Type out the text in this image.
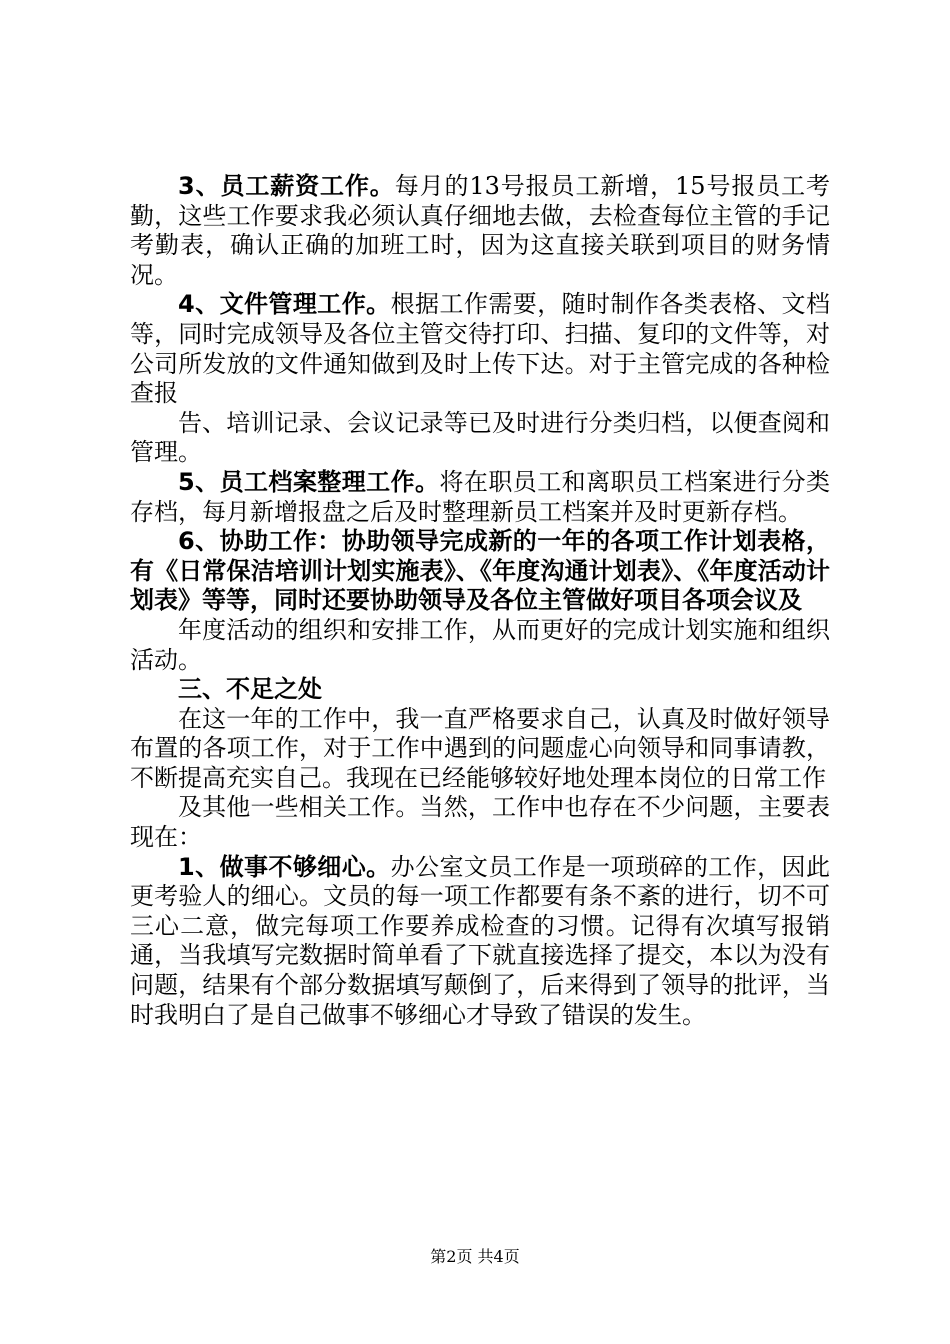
3、员工薪资工作。每月的13号报员工新增，15号报员工考勤，这些工作要求我必须认真仔细地去做，去检查每位主管的手记考勤表，确认正确的加班工时，因为这直接关联到项目的财务情况。

4、文件管理工作。根据工作需要，随时制作各类表格、文档等，同时完成领导及各位主管交待打印、扫描、复印的文件等，对公司所发放的文件通知做到及时上传下达。对于主管完成的各种检查报

告、培训记录、会议记录等已及时进行分类归档，以便查阅和管理。

5、员工档案整理工作。将在职员工和离职员工档案进行分类存档，每月新增报盘之后及时整理新员工档案并及时更新存档。

6、协助工作：协助领导完成新的一年的各项工作计划表格，有《日常保洁培训计划实施表》、《年度沟通计划表》、《年度活动计划表》等等，同时还要协助领导及各位主管做好项目各项会议及

年度活动的组织和安排工作，从而更好的完成计划实施和组织活动。

三、不足之处

在这一年的工作中，我一直严格要求自己，认真及时做好领导布置的各项工作，对于工作中遇到的问题虚心向领导和同事请教，不断提高充实自己。我现在已经能够较好地处理本岗位的日常工作

及其他一些相关工作。当然，工作中也存在不少问题，主要表现在：

1、做事不够细心。办公室文员工作是一项琐碎的工作，因此更考验人的细心。文员的每一项工作都要有条不紊的进行，切不可三心二意，做完每项工作要养成检查的习惯。记得有次填写报销通，当我填写完数据时简单看了下就直接选择了提交，本以为没有问题，结果有个部分数据填写颠倒了，后来得到了领导的批评，当时我明白了是自己做事不够细心才导致了错误的发生。

第2页 共4页
